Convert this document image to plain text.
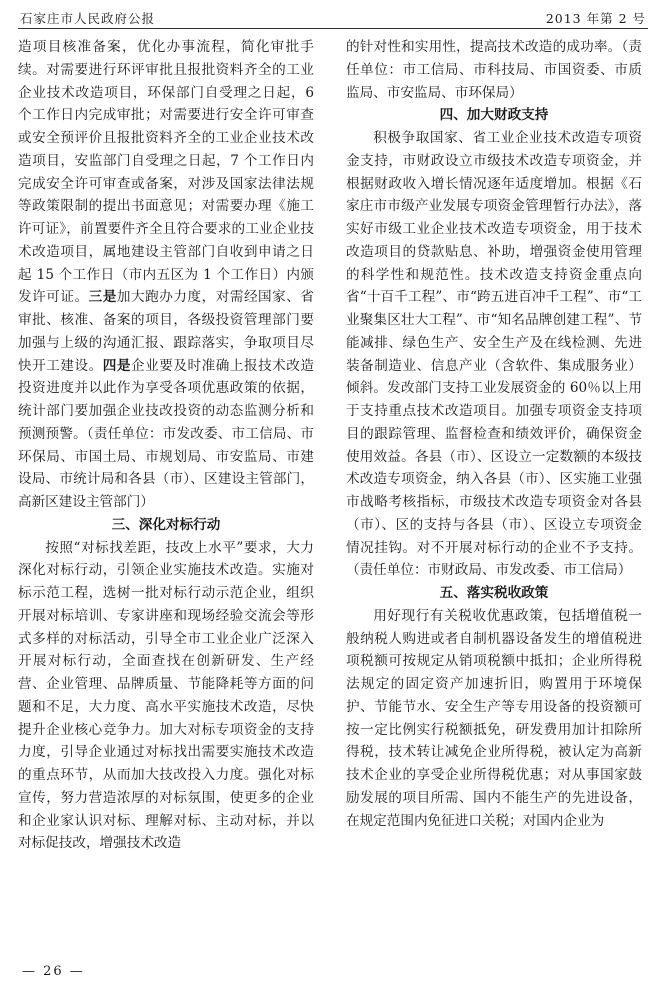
石家庄市人民政府公报	2013 年第 2 号

造项目核准备案，优化办事流程，简化审批手续。对需要进行环评审批且报批资料齐全的工业企业技术改造项目，环保部门自受理之日起，6 个工作日内完成审批；对需要进行安全许可审查或安全预评价且报批资料齐全的工业企业技术改造项目，安监部门自受理之日起，7 个工作日内完成安全许可审查或备案，对涉及国家法律法规等政策限制的提出书面意见；对需要办理《施工许可证》，前置要件齐全且符合要求的工业企业技术改造项目，属地建设主管部门自收到申请之日起 15 个工作日（市内五区为 1 个工作日）内颁发许可证。三是加大跑办力度，对需经国家、省审批、核准、备案的项目，各级投资管理部门要加强与上级的沟通汇报、跟踪落实，争取项目尽快开工建设。四是企业要及时准确上报技术改造投资进度并以此作为享受各项优惠政策的依据，统计部门要加强企业技改投资的动态监测分析和预测预警。（责任单位：市发改委、市工信局、市环保局、市国土局、市规划局、市安监局、市建设局、市统计局和各县（市）、区建设主管部门，高新区建设主管部门）

三、深化对标行动

按照“对标找差距，技改上水平”要求，大力深化对标行动，引领企业实施技术改造。实施对标示范工程，选树一批对标行动示范企业，组织开展对标培训、专家讲座和现场经验交流会等形式多样的对标活动，引导全市工业企业广泛深入开展对标行动，全面查找在创新研发、生产经营、企业管理、品牌质量、节能降耗等方面的问题和不足，大力度、高水平实施技术改造，尽快提升企业核心竞争力。加大对标专项资金的支持力度，引导企业通过对标找出需要实施技术改造的重点环节，从而加大技改投入力度。强化对标宣传，努力营造浓厚的对标氛围，使更多的企业和企业家认识对标、理解对标、主动对标，并以对标促技改，增强技术改造

的针对性和实用性，提高技术改造的成功率。（责任单位：市工信局、市科技局、市国资委、市质监局、市安监局、市环保局）

四、加大财政支持

积极争取国家、省工业企业技术改造专项资金支持，市财政设立市级技术改造专项资金，并根据财政收入增长情况逐年适度增加。根据《石家庄市市级产业发展专项资金管理暂行办法》，落实好市级工业企业技术改造专项资金，用于技术改造项目的贷款贴息、补助，增强资金使用管理的科学性和规范性。技术改造支持资金重点向省“十百千工程”、市“跨五进百冲千工程”、市“工业聚集区壮大工程”、市“知名品牌创建工程”、节能减排、绿色生产、安全生产及在线检测、先进装备制造业、信息产业（含软件、集成服务业）倾斜。发改部门支持工业发展资金的 60％以上用于支持重点技术改造项目。加强专项资金支持项目的跟踪管理、监督检查和绩效评价，确保资金使用效益。各县（市）、区设立一定数额的本级技术改造专项资金，纳入各县（市）、区实施工业强市战略考核指标，市级技术改造专项资金对各县（市）、区的支持与各县（市）、区设立专项资金情况挂钩。对不开展对标行动的企业不予支持。（责任单位：市财政局、市发改委、市工信局）

五、落实税收政策

用好现行有关税收优惠政策，包括增值税一般纳税人购进或者自制机器设备发生的增值税进项税额可按规定从销项税额中抵扣；企业所得税法规定的固定资产加速折旧，购置用于环境保护、节能节水、安全生产等专用设备的投资额可按一定比例实行税额抵免，研发费用加计扣除所得税，技术转让减免企业所得税，被认定为高新技术企业的享受企业所得税优惠；对从事国家鼓励发展的项目所需、国内不能生产的先进设备，在规定范围内免征进口关税；对国内企业为

— 26 —
